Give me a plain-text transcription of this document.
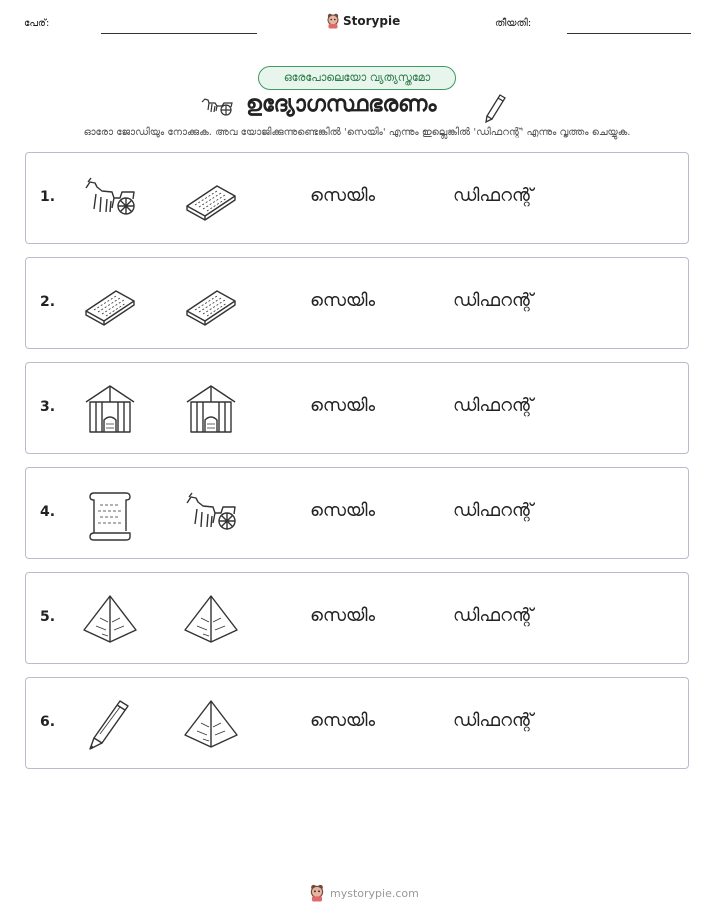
പേര്:	Storypie	തീയതി:
ഒരേപോലെയോ വ്യത്യസ്തമോ
ഉദ്യോഗസ്ഥഭരണം
ഓരോ ജോഡിയും നോക്കുക. അവ യോജിക്കുന്നുണ്ടെങ്കിൽ 'സെയിം' എന്നും ഇല്ലെങ്കിൽ 'ഡിഫറന്റ്' എന്നും വൃത്തം ചെയ്യുക.
1.	സെയിം	ഡിഫറന്റ്
2.	സെയിം	ഡിഫറന്റ്
3.	സെയിം	ഡിഫറന്റ്
4.	സെയിം	ഡിഫറന്റ്
5.	സെയിം	ഡിഫറന്റ്
6.	സെയിം	ഡിഫറന്റ്
mystorypie.com
